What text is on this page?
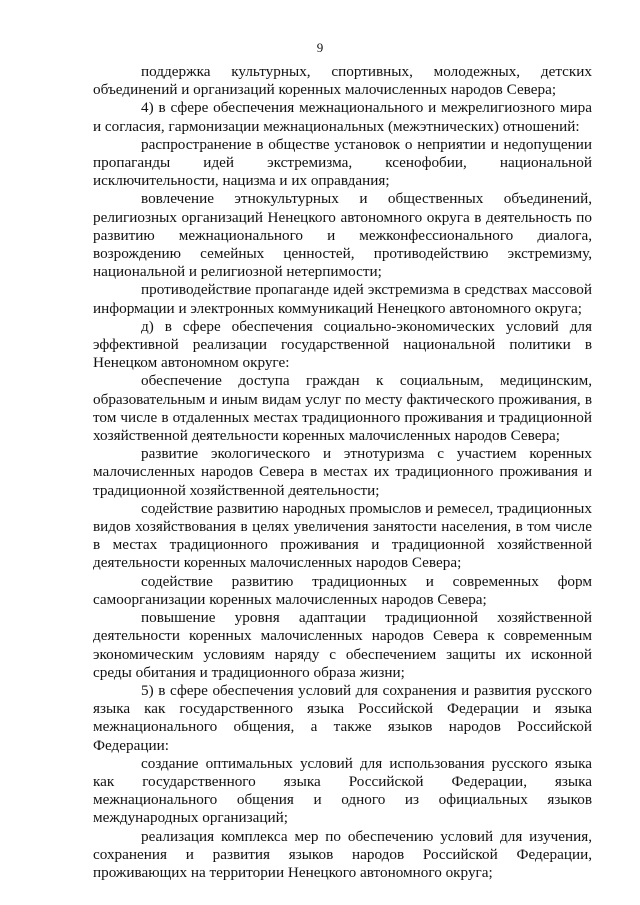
9

поддержка культурных, спортивных, молодежных, детских объединений и организаций коренных малочисленных народов Севера;

4) в сфере обеспечения межнационального и межрелигиозного мира и согласия, гармонизации межнациональных (межэтнических) отношений:

распространение в обществе установок о неприятии и недопущении пропаганды идей экстремизма, ксенофобии, национальной исключительности, нацизма и их оправдания;

вовлечение этнокультурных и общественных объединений, религиозных организаций Ненецкого автономного округа в деятельность по развитию межнационального и межконфессионального диалога, возрождению семейных ценностей, противодействию экстремизму, национальной и религиозной нетерпимости;

противодействие пропаганде идей экстремизма в средствах массовой информации и электронных коммуникаций Ненецкого автономного округа;

д) в сфере обеспечения социально-экономических условий для эффективной реализации государственной национальной политики в Ненецком автономном округе:

обеспечение доступа граждан к социальным, медицинским, образовательным и иным видам услуг по месту фактического проживания, в том числе в отдаленных местах традиционного проживания и традиционной хозяйственной деятельности коренных малочисленных народов Севера;

развитие экологического и этнотуризма с участием коренных малочисленных народов Севера в местах их традиционного проживания и традиционной хозяйственной деятельности;

содействие развитию народных промыслов и ремесел, традиционных видов хозяйствования в целях увеличения занятости населения, в том числе в местах традиционного проживания и традиционной хозяйственной деятельности коренных малочисленных народов Севера;

содействие развитию традиционных и современных форм самоорганизации коренных малочисленных народов Севера;

повышение уровня адаптации традиционной хозяйственной деятельности коренных малочисленных народов Севера к современным экономическим условиям наряду с обеспечением защиты их исконной среды обитания и традиционного образа жизни;

5) в сфере обеспечения условий для сохранения и развития русского языка как государственного языка Российской Федерации и языка межнационального общения, а также языков народов Российской Федерации:

создание оптимальных условий для использования русского языка как государственного языка Российской Федерации, языка межнационального общения и одного из официальных языков международных организаций;

реализация комплекса мер по обеспечению условий для изучения, сохранения и развития языков народов Российской Федерации, проживающих на территории Ненецкого автономного округа;
